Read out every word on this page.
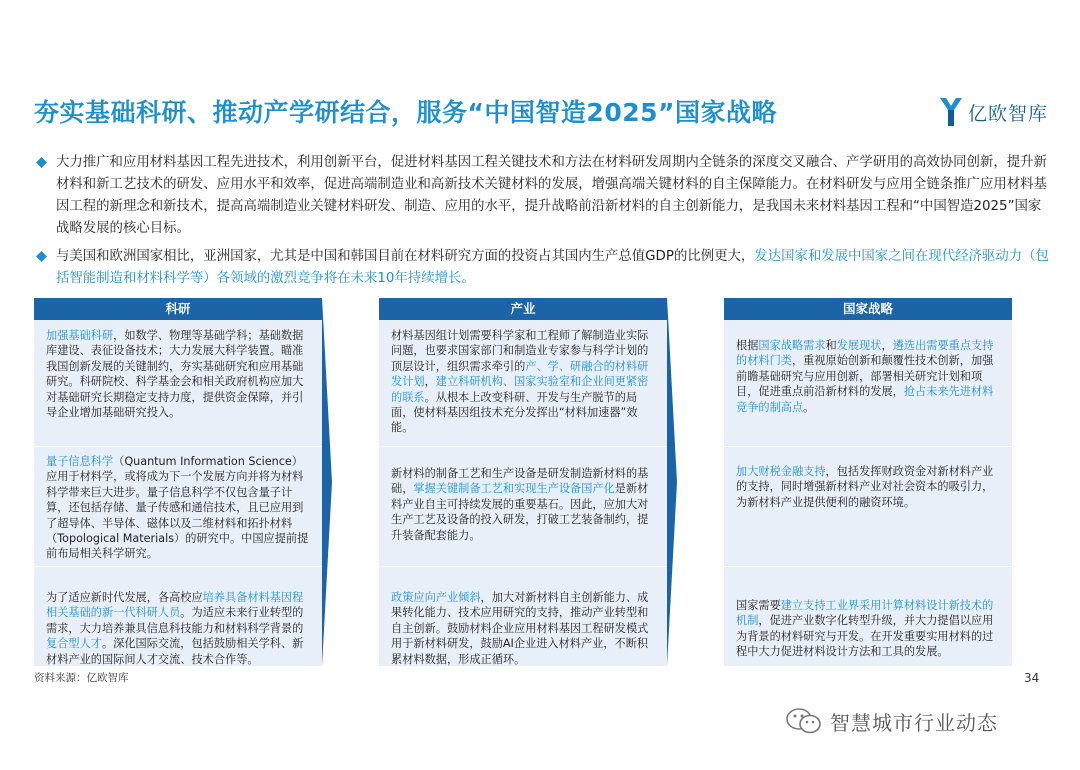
夯实基础科研、推动产学研结合，服务“中国智造2025”国家战略	亿欧智库
大力推广和应用材料基因工程先进技术，利用创新平台，促进材料基因工程关键技术和方法在材料研发周期内全链条的深度交叉融合、产学研用的高效协同创新，提升新材料和新工艺技术的研发、应用水平和效率，促进高端制造业和高新技术关键材料的发展，增强高端关键材料的自主保障能力。在材料研发与应用全链条推广应用材料基因工程的新理念和新技术，提高高端制造业关键材料研发、制造、应用的水平，提升战略前沿新材料的自主创新能力，是我国未来材料基因工程和“中国智造2025”国家战略发展的核心目标。
与美国和欧洲国家相比，亚洲国家，尤其是中国和韩国目前在材料研究方面的投资占其国内生产总值GDP的比例更大，发达国家和发展中国家之间在现代经济驱动力（包括智能制造和材料科学等）各领域的激烈竞争将在未来10年持续增长。
科研
加强基础科研，如数学、物理等基础学科；基础数据库建设、表征设备技术；大力发展大科学装置。瞄准我国创新发展的关键制约，夯实基础研究和应用基础研究。科研院校、科学基金会和相关政府机构应加大对基础研究长期稳定支持力度，提供资金保障，并引导企业增加基础研究投入。
量子信息科学（Quantum Information Science）应用于材料学，或将成为下一个发展方向并将为材料科学带来巨大进步。量子信息科学不仅包含量子计算，还包括存储、量子传感和通信技术，且已应用到了超导体、半导体、磁体以及二维材料和拓扑材料（Topological Materials）的研究中。中国应提前提前布局相关科学研究。
为了适应新时代发展，各高校应培养具备材料基因程相关基础的新一代科研人员。为适应未来行业转型的需求，大力培养兼具信息科技能力和材料科学背景的复合型人才。深化国际交流，包括鼓励相关学科、新材料产业的国际间人才交流、技术合作等。
产业
材料基因组计划需要科学家和工程师了解制造业实际问题，也要求国家部门和制造业专家参与科学计划的顶层设计，组织需求牵引的产、学、研融合的材料研发计划，建立科研机构、国家实验室和企业间更紧密的联系。从根本上改变科研、开发与生产脱节的局面，使材料基因组技术充分发挥出“材料加速器”效能。
新材料的制备工艺和生产设备是研发制造新材料的基础，掌握关键制备工艺和实现生产设备国产化是新材料产业自主可持续发展的重要基石。因此，应加大对生产工艺及设备的投入研发，打破工艺装备制约，提升装备配套能力。
政策应向产业倾斜，加大对新材料自主创新能力、成果转化能力、技术应用研究的支持，推动产业转型和自主创新。鼓励材料企业应用材料基因工程研发模式用于新材料研发，鼓励AI企业进入材料产业，不断积累材料数据，形成正循环。
国家战略
根据国家战略需求和发展现状，遴选出需要重点支持的材料门类，重视原始创新和颠覆性技术创新，加强前瞻基础研究与应用创新，部署相关研究计划和项目，促进重点前沿新材料的发展，抢占未来先进材料竞争的制高点。
加大财税金融支持，包括发挥财政资金对新材料产业的支持，同时增强新材料产业对社会资本的吸引力，为新材料产业提供便利的融资环境。
国家需要建立支持工业界采用计算材料设计新技术的机制，促进产业数字化转型升级，并大力提倡以应用为背景的材料研究与开发。在开发重要实用材料的过程中大力促进材料设计方法和工具的发展。
资料来源：亿欧智库	34
智慧城市行业动态
